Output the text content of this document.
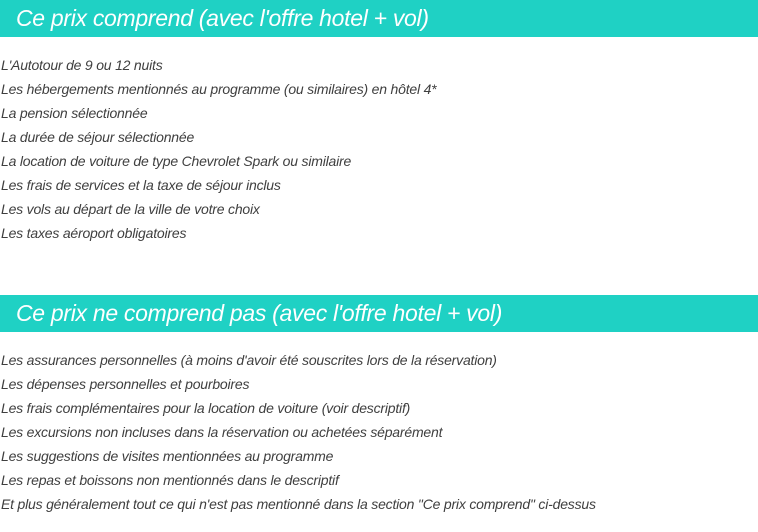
Ce prix comprend (avec l'offre hotel + vol)
L'Autotour de 9 ou 12 nuits
Les hébergements mentionnés au programme (ou similaires) en hôtel 4*
La pension sélectionnée
La durée de séjour sélectionnée
La location de voiture de type Chevrolet Spark ou similaire
Les frais de services et la taxe de séjour inclus
Les vols au départ de la ville de votre choix
Les taxes aéroport obligatoires
Ce prix ne comprend pas (avec l'offre hotel + vol)
Les assurances personnelles (à moins d'avoir été souscrites lors de la réservation)
Les dépenses personnelles et pourboires
Les frais complémentaires pour la location de voiture (voir descriptif)
Les excursions non incluses dans la réservation ou achetées séparément
Les suggestions de visites mentionnées au programme
Les repas et boissons non mentionnés dans le descriptif
Et plus généralement tout ce qui n'est pas mentionné dans la section "Ce prix comprend" ci-dessus
